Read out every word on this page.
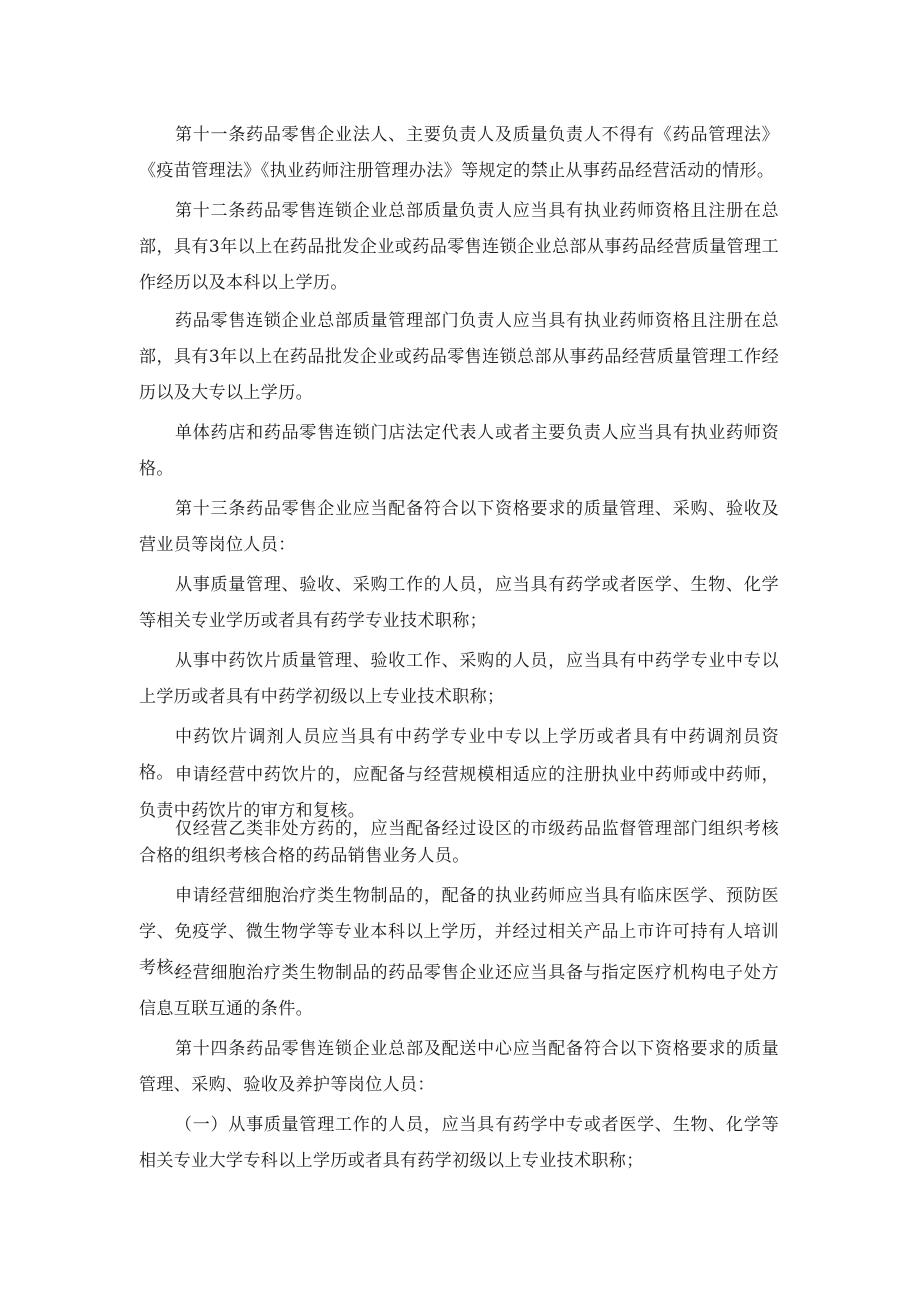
第十一条药品零售企业法人、主要负责人及质量负责人不得有《药品管理法》《疫苗管理法》《执业药师注册管理办法》等规定的禁止从事药品经营活动的情形。

第十二条药品零售连锁企业总部质量负责人应当具有执业药师资格且注册在总部，具有3年以上在药品批发企业或药品零售连锁企业总部从事药品经营质量管理工作经历以及本科以上学历。

药品零售连锁企业总部质量管理部门负责人应当具有执业药师资格且注册在总部，具有3年以上在药品批发企业或药品零售连锁总部从事药品经营质量管理工作经历以及大专以上学历。

单体药店和药品零售连锁门店法定代表人或者主要负责人应当具有执业药师资格。

第十三条药品零售企业应当配备符合以下资格要求的质量管理、采购、验收及营业员等岗位人员：

从事质量管理、验收、采购工作的人员，应当具有药学或者医学、生物、化学等相关专业学历或者具有药学专业技术职称；

从事中药饮片质量管理、验收工作、采购的人员，应当具有中药学专业中专以上学历或者具有中药学初级以上专业技术职称；

中药饮片调剂人员应当具有中药学专业中专以上学历或者具有中药调剂员资格。 申请经营中药饮片的，应配备与经营规模相适应的注册执业中药师或中药师，负责中药饮片的审方和复核。

仅经营乙类非处方药的，应当配备经过设区的市级药品监督管理部门组织考核合格的组织考核合格的药品销售业务人员。

申请经营细胞治疗类生物制品的，配备的执业药师应当具有临床医学、预防医学、免疫学、微生物学等专业本科以上学历，并经过相关产品上市许可持有人培训考核。

经营细胞治疗类生物制品的药品零售企业还应当具备与指定医疗机构电子处方信息互联互通的条件。

第十四条药品零售连锁企业总部及配送中心应当配备符合以下资格要求的质量管理、采购、验收及养护等岗位人员：

（一）从事质量管理工作的人员，应当具有药学中专或者医学、生物、化学等相关专业大学专科以上学历或者具有药学初级以上专业技术职称；
